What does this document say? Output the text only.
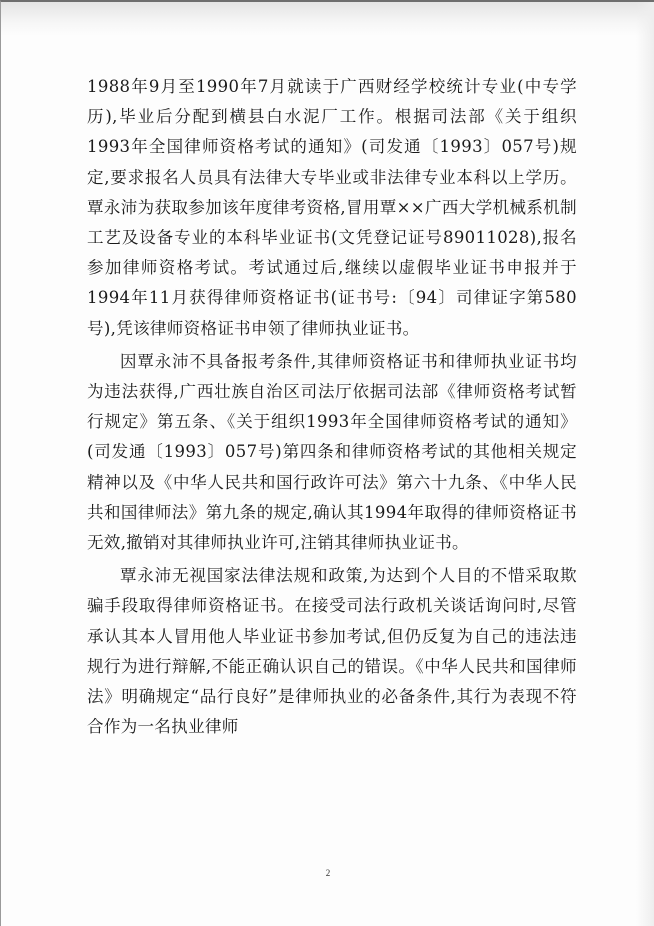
1988年9月至1990年7月就读于广西财经学校统计专业(中专学历),毕业后分配到横县白水泥厂工作。根据司法部《关于组织1993年全国律师资格考试的通知》(司发通〔1993〕057号)规定,要求报名人员具有法律大专毕业或非法律专业本科以上学历。覃永沛为获取参加该年度律考资格,冒用覃××广西大学机械系机制工艺及设备专业的本科毕业证书(文凭登记证号89011028),报名参加律师资格考试。考试通过后,继续以虚假毕业证书申报并于1994年11月获得律师资格证书(证书号:〔94〕司律证字第580号),凭该律师资格证书申领了律师执业证书。

因覃永沛不具备报考条件,其律师资格证书和律师执业证书均为违法获得,广西壮族自治区司法厅依据司法部《律师资格考试暂行规定》第五条、《关于组织1993年全国律师资格考试的通知》(司发通〔1993〕057号)第四条和律师资格考试的其他相关规定精神以及《中华人民共和国行政许可法》第六十九条、《中华人民共和国律师法》第九条的规定,确认其1994年取得的律师资格证书无效,撤销对其律师执业许可,注销其律师执业证书。

覃永沛无视国家法律法规和政策,为达到个人目的不惜采取欺骗手段取得律师资格证书。在接受司法行政机关谈话询问时,尽管承认其本人冒用他人毕业证书参加考试,但仍反复为自己的违法违规行为进行辩解,不能正确认识自己的错误。《中华人民共和国律师法》明确规定“品行良好”是律师执业的必备条件,其行为表现不符合作为一名执业律师

2
